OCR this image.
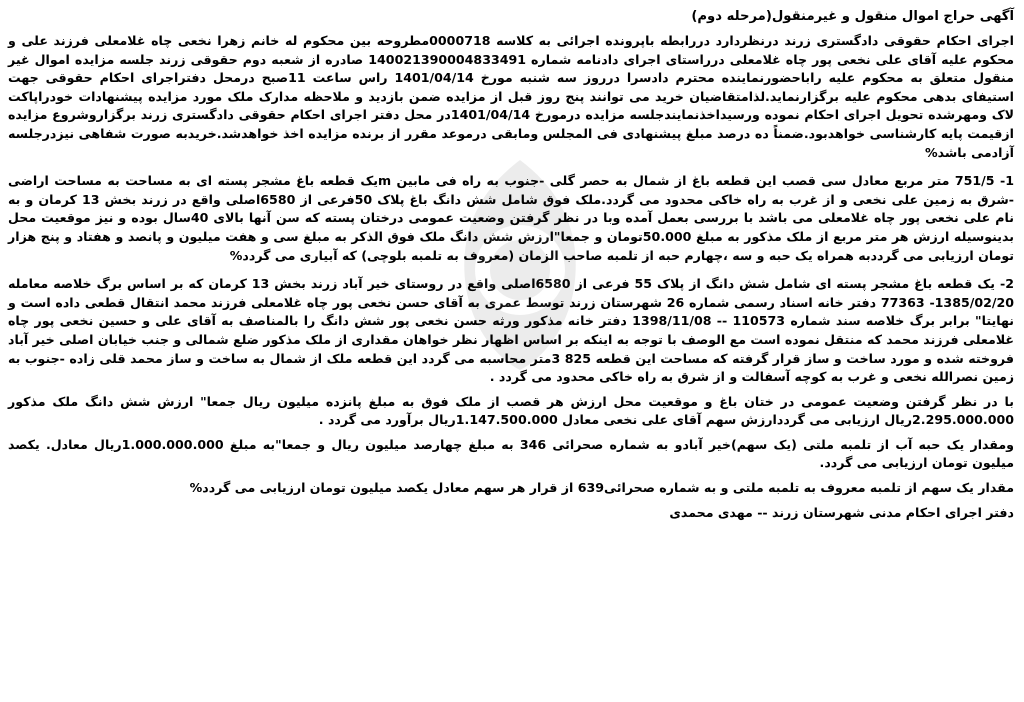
آگهی حراج اموال منقول و غیرمنقول(مرحله دوم)

اجرای احکام حقوقی دادگستری زرند درنظردارد دررابطه باپرونده اجرائی به کلاسه 0000718مطروحه بین محکوم له خانم زهرا نخعی چاه غلامعلی فرزند علی و محکوم علیه آقای علی نخعی پور چاه غلامعلی درراستای اجرای دادنامه شماره 140021390004833491 صادره از شعبه دوم حقوقی زرند جلسه مزایده اموال غیر منقول متعلق به محکوم علیه راباحضورنماینده محترم دادسرا درروز سه شنبه مورخ 1401/04/14 راس ساعت 11صبح درمحل دفتراجرای احکام حقوقی جهت استیفای بدهی محکوم علیه برگزارنماید.لذامتقاضیان خرید می توانند پنج روز قبل از مزایده ضمن بازدید و ملاحظه مدارک ملک مورد مزایده پیشنهادات خودراپاکت لاک ومهرشده تحویل اجرای احکام نموده ورسیداخذنمایندجلسه مزایده درمورخ 1401/04/14در محل دفتر اجرای احکام حقوقی دادگستری زرند برگزاروشروع مزایده ازقیمت پایه کارشناسی خواهدبود.ضمناً ده درصد مبلغ پیشنهادی فی المجلس ومابقی درموعد مقرر از برنده مزایده اخذ خواهدشد.خریدبه صورت شفاهی نیزدرجلسه آزادمی باشد%

1- 751/5 متر مربع معادل سی قصب این قطعه باغ از شمال به حصر گلی -جنوب به راه فی مابین mیک قطعه باغ مشجر پسته ای به مساحت به مساحت اراضی -شرق به زمین علی نخعی و از غرب به راه خاکی محدود می گردد.ملک فوق شامل شش دانگ باغ پلاک 50فرعی از 6580اصلی واقع در زرند بخش 13 کرمان و به نام علی نخعی پور چاه غلامعلی می باشد با بررسی بعمل آمده وبا در نظر گرفتن وضعیت عمومی درختان پسته که سن آنها بالای 40سال بوده و نیز موقعیت محل بدینوسیله ارزش هر متر مربع از ملک مذکور به مبلغ 50.000تومان و جمعا"ارزش شش دانگ ملک فوق الذکر به مبلغ سی و هفت میلیون و پانصد و هفتاد و پنج هزار تومان ارزیابی می گرددبه همراه یک حبه و سه ،چهارم حبه از تلمبه صاحب الزمان (معروف به تلمبه بلوچی) که آبیاری می گردد%

2- یک قطعه باغ مشجر پسته ای شامل شش دانگ از پلاک 55 فرعی از 6580اصلی واقع در روستای خیر آباد زرند بخش 13 کرمان که بر اساس برگ خلاصه معامله 1385/02/20- 77363 دفتر خانه اسناد رسمی شماره 26 شهرستان زرند توسط عمری به آقای حسن نخعی پور چاه غلامعلی فرزند محمد انتقال قطعی داده است و نهایتا" برابر برگ خلاصه سند شماره 110573 -- 1398/11/08 دفتر خانه مذکور ورثه حسن نخعی پور شش دانگ را بالمناصف به آقای علی و حسین نخعی پور چاه غلامعلی فرزند محمد که منتقل نموده است مع الوصف با توجه به اینکه بر اساس اظهار نظر خواهان مقداری از ملک مذکور ضلع شمالی و جنب خیابان اصلی خیر آباد فروخته شده و مورد ساخت و ساز قرار گرفته که مساحت این قطعه 825 3متر محاسبه می گردد این قطعه ملک از شمال به ساخت و ساز محمد قلی زاده -جنوب به زمین نصرالله نخعی و غرب به کوچه آسفالت و از شرق به راه خاکی محدود می گردد .

با در نظر گرفتن وضعیت عمومی در ختان باغ و موقعیت محل ارزش هر قصب از ملک فوق به مبلغ پانزده میلیون ریال جمعا" ارزش شش دانگ ملک مذکور 2.295.000.000ریال ارزیابی می گرددارزش سهم آقای علی نخعی معادل 1.147.500.000ریال برآورد می گردد .

ومقدار یک حبه آب از تلمبه ملتی (یک سهم)خیر آبادو به شماره صحرائی 346 به مبلغ چهارصد میلیون ریال و جمعا"به مبلغ 1.000.000.000ریال معادل. یکصد میلیون تومان ارزیابی می گردد.

مقدار یک سهم از تلمبه معروف به تلمبه ملتی و به شماره صحرائی639 از قرار هر سهم معادل یکصد میلیون تومان ارزیابی می گردد%

دفتر اجرای احکام مدنی شهرستان زرند -- مهدی محمدی
